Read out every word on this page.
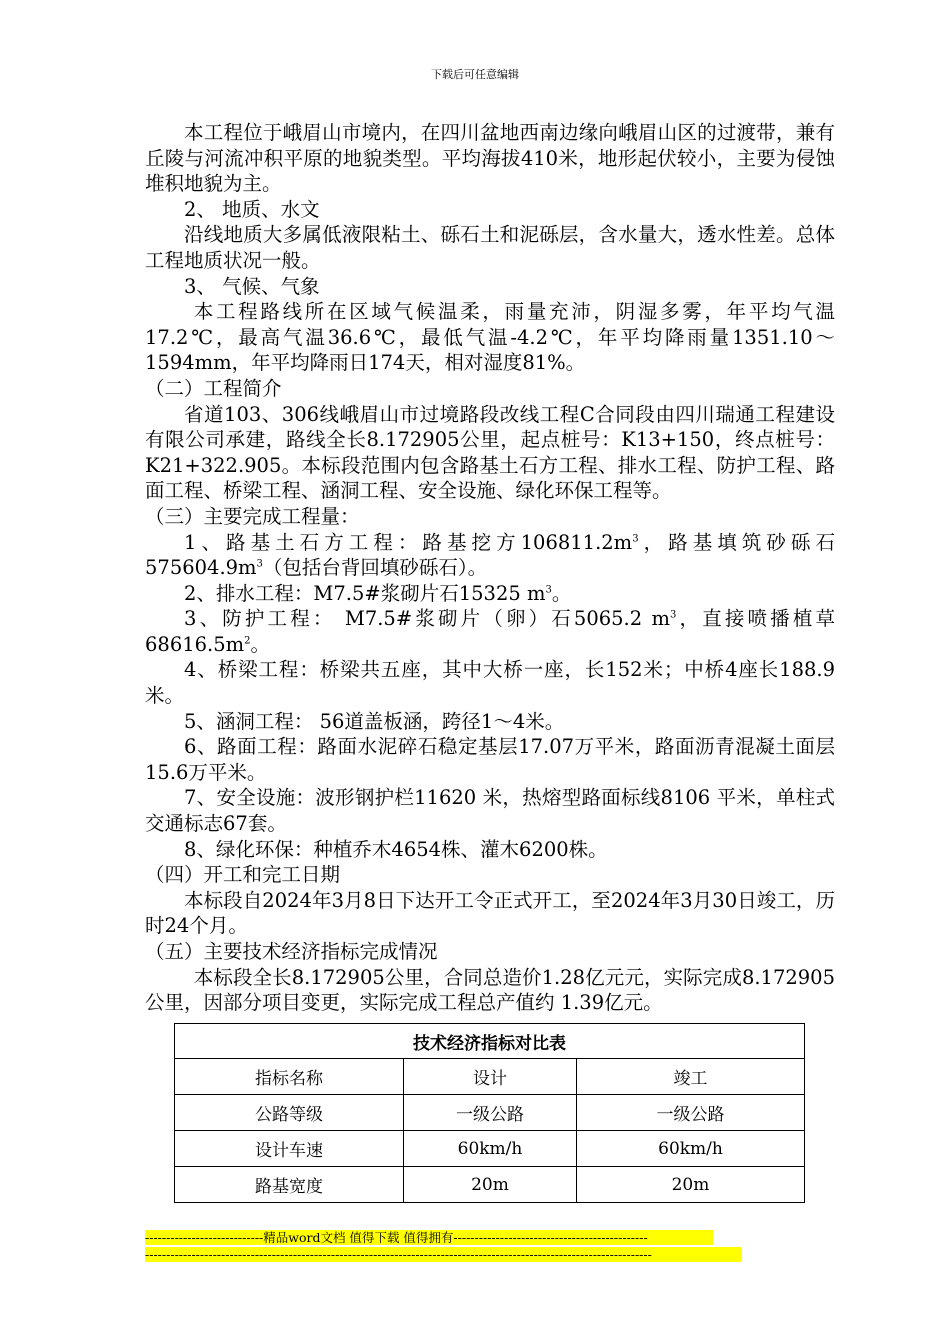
下载后可任意编辑

本工程位于峨眉山市境内，在四川盆地西南边缘向峨眉山区的过渡带，兼有丘陵与河流冲积平原的地貌类型。平均海拔410米，地形起伏较小，主要为侵蚀堆积地貌为主。

2、 地质、水文

沿线地质大多属低液限粘土、砾石土和泥砾层，含水量大，透水性差。总体工程地质状况一般。

3、 气候、气象

本工程路线所在区域气候温柔，雨量充沛，阴湿多雾，年平均气温17.2℃，最高气温36.6℃，最低气温-4.2℃，年平均降雨量1351.10～1594mm，年平均降雨日174天，相对湿度81%。

（二）工程简介

省道103、306线峨眉山市过境路段改线工程C合同段由四川瑞通工程建设有限公司承建，路线全长8.172905公里，起点桩号：K13+150，终点桩号：K21+322.905。本标段范围内包含路基土石方工程、排水工程、防护工程、路面工程、桥梁工程、涵洞工程、安全设施、绿化环保工程等。

（三）主要完成工程量：

1、路基土石方工程：路基挖方$106811.2m^3$，路基填筑砂砾石$575604.9m^3$（包括台背回填砂砾石）。

2、排水工程：M7.5#浆砌片石15325 $m^3$。

3、防护工程： M7.5#浆砌片（卵）石5065.2 $m^3$，直接喷播植草$68616.5m^2$。

4、桥梁工程：桥梁共五座，其中大桥一座，长152米；中桥4座长188.9米。

5、涵洞工程： 56道盖板涵，跨径1～4米。

6、路面工程：路面水泥碎石稳定基层17.07万平米，路面沥青混凝土面层15.6万平米。

7、安全设施：波形钢护栏11620 米，热熔型路面标线8106 平米，单柱式交通标志67套。

8、绿化环保：种植乔木4654株、灌木6200株。

（四）开工和完工日期

本标段自2024年3月8日下达开工令正式开工，至2024年3月30日竣工，历时24个月。

（五）主要技术经济指标完成情况

本标段全长8.172905公里，合同总造价1.28亿元元，实际完成8.172905公里，因部分项目变更，实际完成工程总产值约 1.39亿元。

技术经济指标对比表		
指标名称	设计	竣工
公路等级	一级公路	一级公路
设计车速	60km/h	60km/h
路基宽度	20m	20m
----------------------------精品word文档 值得下载 值得拥有----------------------------------------------
------------------------------------------------------------------------------------------------------------------------
